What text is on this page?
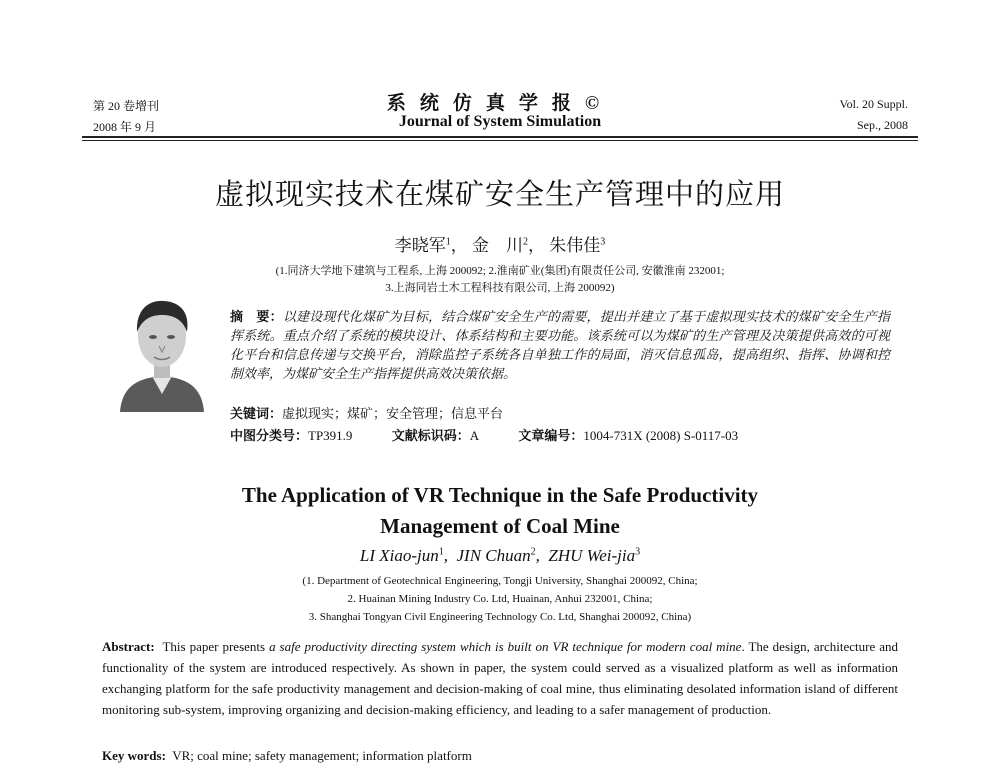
第 20 卷增刊
2008 年 9 月
系统仿真学报©
Journal of System Simulation
Vol. 20 Suppl.
Sep., 2008
虚拟现实技术在煤矿安全生产管理中的应用
李晓军$^1$， 金　川$^2$， 朱伟佳$^3$
(1.同济大学地下建筑与工程系, 上海 200092; 2.淮南矿业(集团)有限责任公司, 安徽淮南 232001;
3.上海同岩土木工程科技有限公司, 上海 200092)
摘　要：以建设现代化煤矿为目标，结合煤矿安全生产的需要，提出并建立了基于虚拟现实技术的煤矿安全生产指挥系统。重点介绍了系统的模块设计、体系结构和主要功能。该系统可以为煤矿的生产管理及决策提供高效的可视化平台和信息传递与交换平台，消除监控子系统各自单独工作的局面，消灭信息孤岛，提高组织、指挥、协调和控制效率，为煤矿安全生产指挥提供高效决策依据。
关键词：虚拟现实；煤矿；安全管理；信息平台
中图分类号：TP391.9	文献标识码：A	文章编号：1004-731X (2008) S-0117-03
The Application of VR Technique in the Safe Productivity
Management of Coal Mine
LI Xiao-jun$^1$,  JIN Chuan$^2$,  ZHU Wei-jia$^3$
(1. Department of Geotechnical Engineering, Tongji University, Shanghai 200092, China;
2. Huainan Mining Industry Co. Ltd, Huainan, Anhui 232001, China;
3. Shanghai Tongyan Civil Engineering Technology Co. Ltd, Shanghai 200092, China)
Abstract: This paper presents a safe productivity directing system which is built on VR technique for modern coal mine. The design, architecture and functionality of the system are introduced respectively. As shown in paper, the system could served as a visualized platform as well as information exchanging platform for the safe productivity management and decision-making of coal mine, thus eliminating desolated information island of different monitoring sub-system, improving organizing and decision-making efficiency, and leading to a safer management of production.
Key words: VR; coal mine; safety management; information platform
